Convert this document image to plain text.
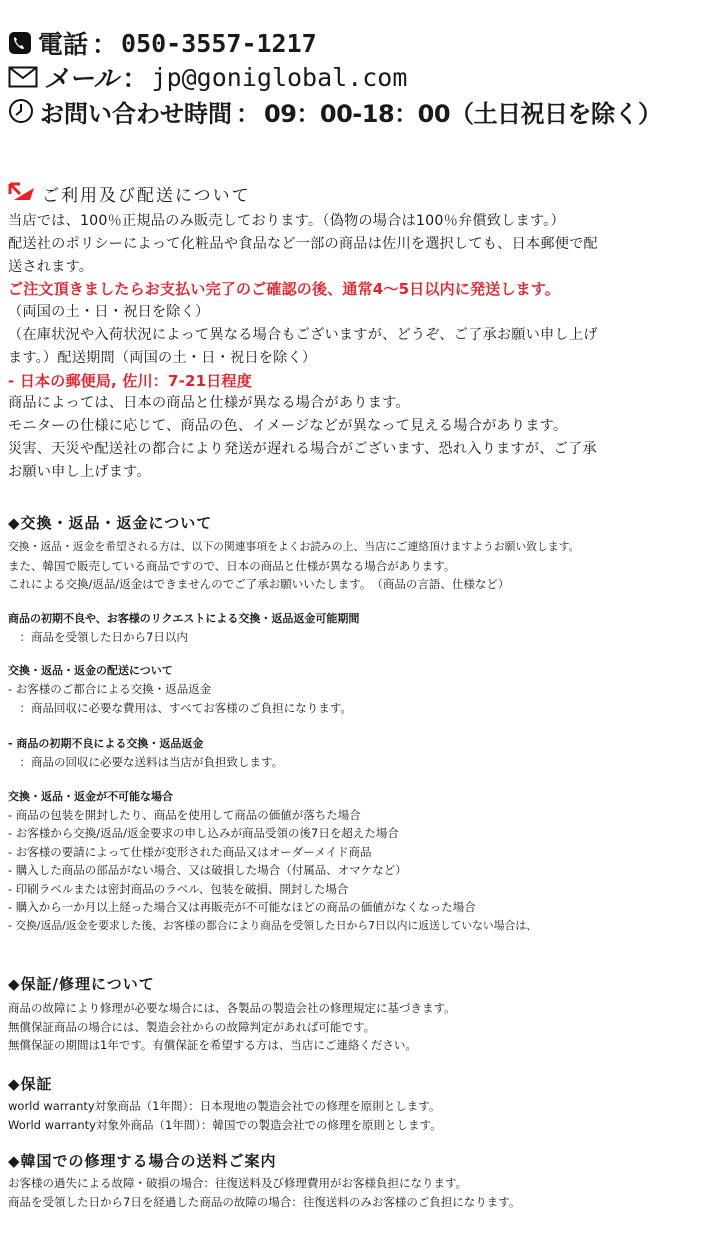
電話 ： 050-3557-1217
メール ： jp@goniglobal.com
お問い合わせ時間 ： 09：00-18：00（土日祝日を除く）
ご利用及び配送について
当店では、100％正規品のみ販売しております。（偽物の場合は100％弁償致します。）
配送社のポリシーによって化粧品や食品など一部の商品は佐川を選択しても、日本郵便で配
送されます。
ご注文頂きましたらお支払い完了のご確認の後、通常4～5日以内に発送します。
（両国の土・日・祝日を除く）
（在庫状況や入荷状況によって異なる場合もございますが、どうぞ、ご了承お願い申し上げ
ます。）配送期間（両国の土・日・祝日を除く）
- 日本の郵便局, 佐川：7-21日程度
商品によっては、日本の商品と仕様が異なる場合があります。
モニターの仕様に応じて、商品の色、イメージなどが異なって見える場合があります。
災害、天災や配送社の都合により発送が遅れる場合がございます、恐れ入りますが、ご了承
お願い申し上げます。
◆交換・返品・返金について
交換・返品・返金を希望される方は、以下の関連事項をよくお読みの上、当店にご連絡頂けますようお願い致します。
また、韓国で販売している商品ですので、日本の商品と仕様が異なる場合があります。
これによる交換/返品/返金はできませんのでご了承お願いいたします。　（商品の言語、仕様など）
商品の初期不良や、お客様のリクエストによる交換・返品返金可能期間
　：商品を受領した日から7日以内
交換・返品・返金の配送について
- お客様のご都合による交換・返品返金
　：商品回収に必要な費用は、すべてお客様のご負担になります。
- 商品の初期不良による交換・返品返金
　：商品の回収に必要な送料は当店が負担致します。
交換・返品・返金が不可能な場合
- 商品の包装を開封したり、商品を使用して商品の価値が落ちた場合
- お客様から交換/返品/返金要求の申し込みが商品受領の後7日を超えた場合
- お客様の要請によって仕様が変形された商品又はオーダーメイド商品
- 購入した商品の部品がない場合、又は破損した場合（付属品、オマケなど）
- 印刷ラベルまたは密封商品のラベル、包装を破損、開封した場合
- 購入から一か月以上経った場合又は再販売が不可能なほどの商品の価値がなくなった場合
- 交換/返品/返金を要求した後、お客様の都合により商品を受領した日から7日以内に返送していない場合は、
◆保証/修理について
商品の故障により修理が必要な場合には、各製品の製造会社の修理規定に基づきます。
無償保証商品の場合には、製造会社からの故障判定があれば可能です。
無償保証の期間は1年です。有償保証を希望する方は、当店にご連絡ください。
◆保証
world warranty対象商品（1年間）：日本現地の製造会社での修理を原則とします。
World warranty対象外商品（1年間）：韓国での製造会社での修理を原則とします。
◆韓国での修理する場合の送料ご案内
お客様の過失による故障・破損の場合：往復送料及び修理費用がお客様負担になります。
商品を受領した日から7日を経過した商品の故障の場合：往復送料のみお客様のご負担になります。
